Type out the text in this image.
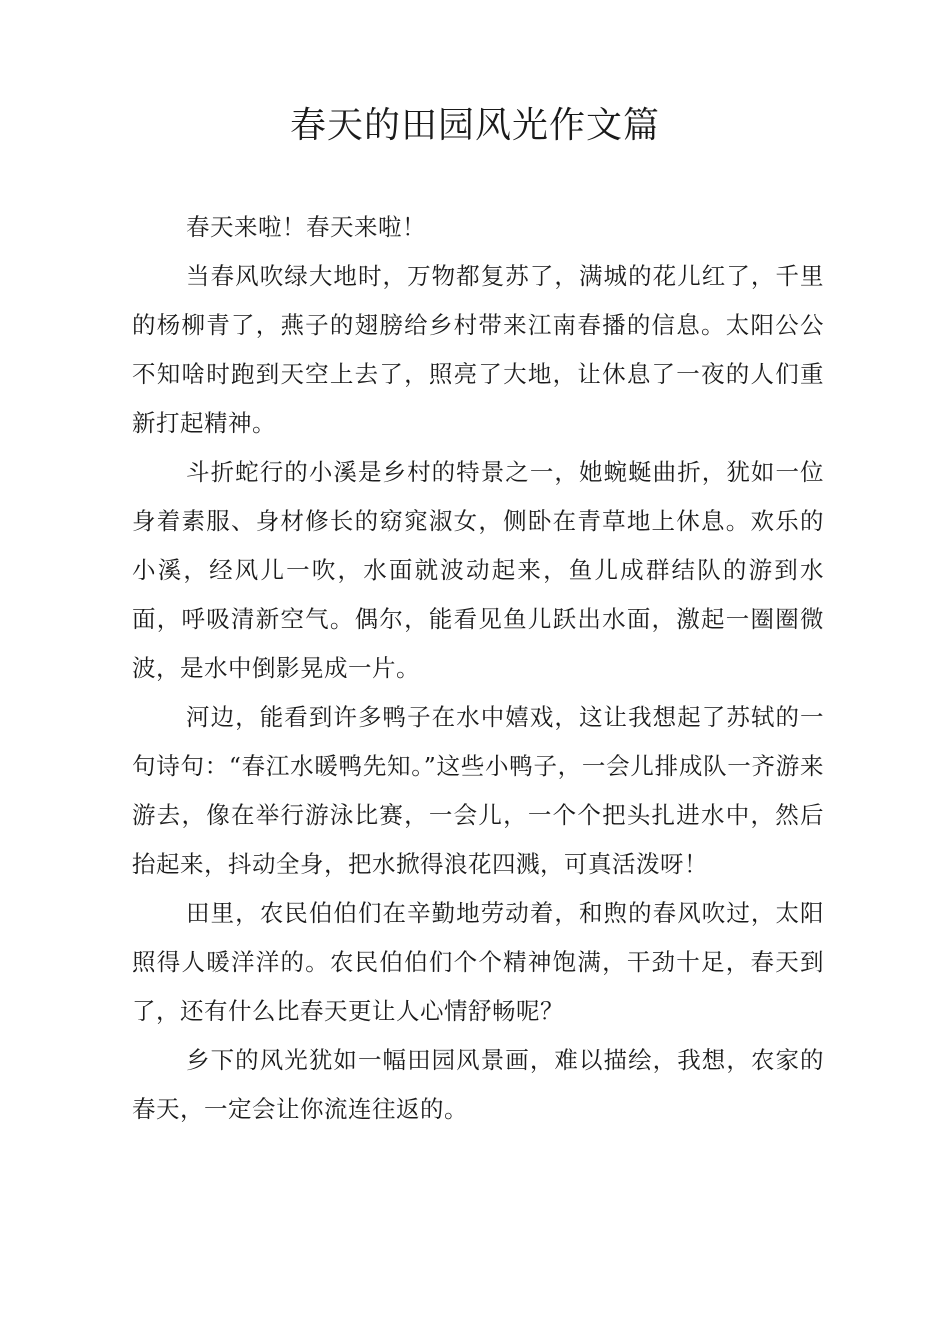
春天的田园风光作文篇

春天来啦！春天来啦！

当春风吹绿大地时，万物都复苏了，满城的花儿红了，千里的杨柳青了，燕子的翅膀给乡村带来江南春播的信息。太阳公公不知啥时跑到天空上去了，照亮了大地，让休息了一夜的人们重新打起精神。

斗折蛇行的小溪是乡村的特景之一，她蜿蜒曲折，犹如一位身着素服、身材修长的窈窕淑女，侧卧在青草地上休息。欢乐的小溪，经风儿一吹，水面就波动起来，鱼儿成群结队的游到水面，呼吸清新空气。偶尔，能看见鱼儿跃出水面，激起一圈圈微波，是水中倒影晃成一片。

河边，能看到许多鸭子在水中嬉戏，这让我想起了苏轼的一句诗句：“春江水暖鸭先知。”这些小鸭子，一会儿排成队一齐游来游去，像在举行游泳比赛，一会儿，一个个把头扎进水中，然后抬起来，抖动全身，把水掀得浪花四溅，可真活泼呀！

田里，农民伯伯们在辛勤地劳动着，和煦的春风吹过，太阳照得人暖洋洋的。农民伯伯们个个精神饱满，干劲十足，春天到了，还有什么比春天更让人心情舒畅呢？

乡下的风光犹如一幅田园风景画，难以描绘，我想，农家的春天，一定会让你流连往返的。
